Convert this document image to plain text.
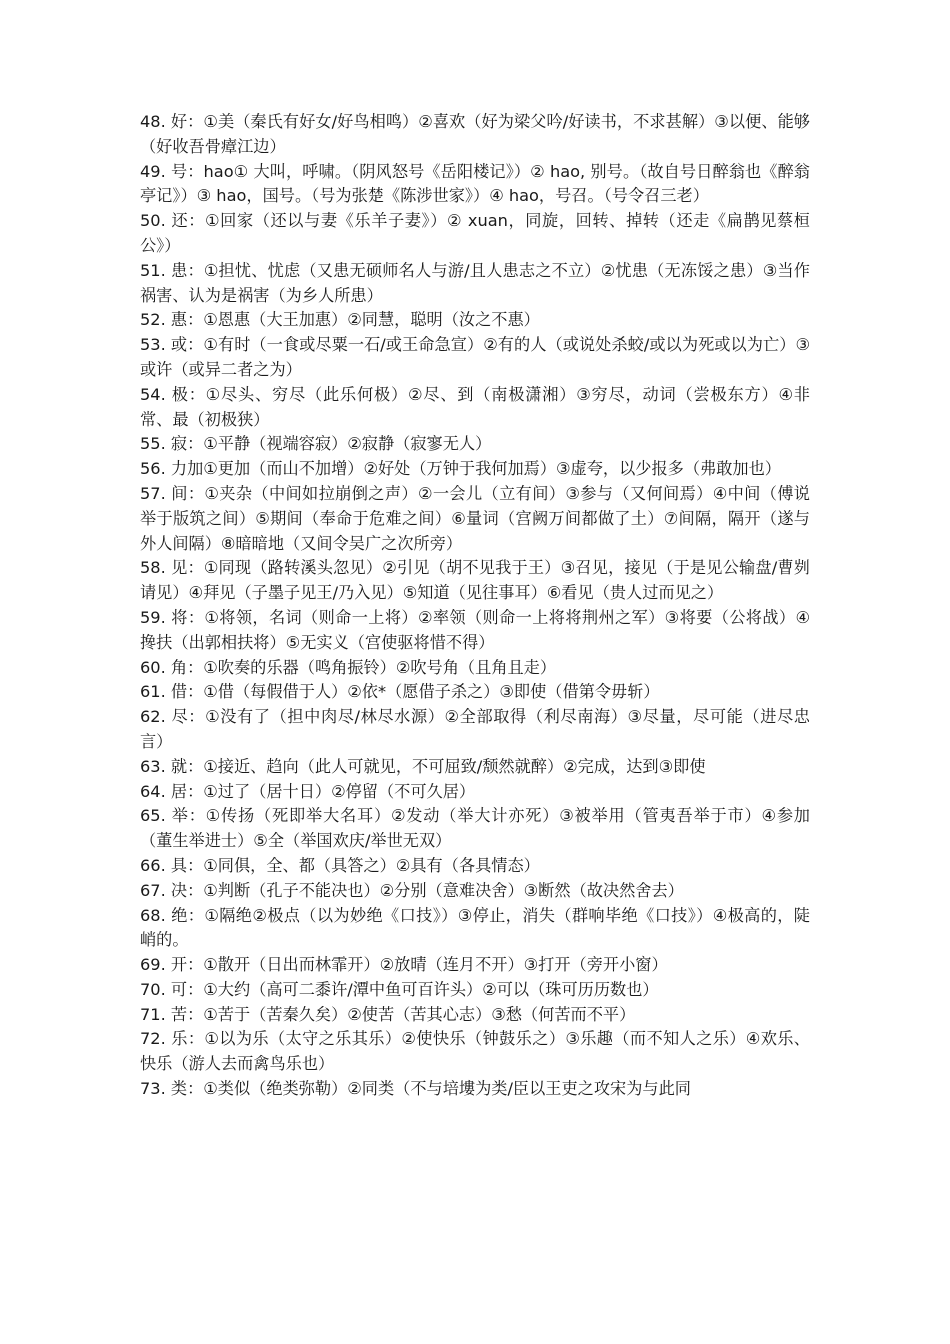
48. 好：①美（秦氏有好女/好鸟相鸣）②喜欢（好为梁父吟/好读书，不求甚解）③以便、能够（好收吾骨瘴江边）

49. 号：hao① 大叫，呼啸。（阴风怒号《岳阳楼记》）② hao, 别号。（故自号日醉翁也《醉翁亭记》）③ hao，国号。（号为张楚《陈涉世家》）④ hao，号召。（号令召三老）

50. 还：①回家（还以与妻《乐羊子妻》）② xuan，同旋，回转、掉转（还走《扁鹊见蔡桓公》）

51. 患：①担忧、忧虑（又患无硕师名人与游/且人患志之不立）②忧患（无冻馁之患）③当作祸害、认为是祸害（为乡人所患）

52. 惠：①恩惠（大王加惠）②同慧，聪明（汝之不惠）

53. 或：①有时（一食或尽粟一石/或王命急宣）②有的人（或说处杀蛟/或以为死或以为亡）③或许（或异二者之为）

54. 极：①尽头、穷尽（此乐何极）②尽、到（南极潇湘）③穷尽，动词（尝极东方）④非常、最（初极狭）

55. 寂：①平静（视端容寂）②寂静（寂寥无人）

56. 力加①更加（而山不加增）②好处（万钟于我何加焉）③虚夸，以少报多（弗敢加也）

57. 间：①夹杂（中间如拉崩倒之声）②一会儿（立有间）③参与（又何间焉）④中间（傅说举于版筑之间）⑤期间（奉命于危难之间）⑥量词（宫阙万间都做了土）⑦间隔，隔开（遂与外人间隔）⑧暗暗地（又间令吴广之次所旁）

58. 见：①同现（路转溪头忽见）②引见（胡不见我于王）③召见，接见（于是见公输盘/曹刿请见）④拜见（子墨子见王/乃入见）⑤知道（见往事耳）⑥看见（贵人过而见之）

59. 将：①将领，名词（则命一上将）②率领（则命一上将将荆州之军）③将要（公将战）④搀扶（出郭相扶将）⑤无实义（宫使驱将惜不得）

60. 角：①吹奏的乐器（鸣角振铃）②吹号角（且角且走）

61. 借：①借（每假借于人）②依*（愿借子杀之）③即使（借第令毋斩）

62. 尽：①没有了（担中肉尽/林尽水源）②全部取得（利尽南海）③尽量，尽可能（进尽忠言）

63. 就：①接近、趋向（此人可就见，不可屈致/颓然就醉）②完成，达到③即使

64. 居：①过了（居十日）②停留（不可久居）

65. 举：①传扬（死即举大名耳）②发动（举大计亦死）③被举用（管夷吾举于市）④参加（董生举进士）⑤全（举国欢庆/举世无双）

66. 具：①同俱，全、都（具答之）②具有（各具情态）

67. 决：①判断（孔子不能决也）②分别（意难决舍）③断然（故决然舍去）

68. 绝：①隔绝②极点（以为妙绝《口技》）③停止，消失（群响毕绝《口技》）④极高的，陡峭的。

69. 开：①散开（日出而林霏开）②放晴（连月不开）③打开（旁开小窗）

70. 可：①大约（高可二黍许/潭中鱼可百许头）②可以（珠可历历数也）

71. 苦：①苦于（苦秦久矣）②使苦（苦其心志）③愁（何苦而不平）

72. 乐：①以为乐（太守之乐其乐）②使快乐（钟鼓乐之）③乐趣（而不知人之乐）④欢乐、快乐（游人去而禽鸟乐也）

73. 类：①类似（绝类弥勒）②同类（不与培塿为类/臣以王吏之攻宋为与此同
